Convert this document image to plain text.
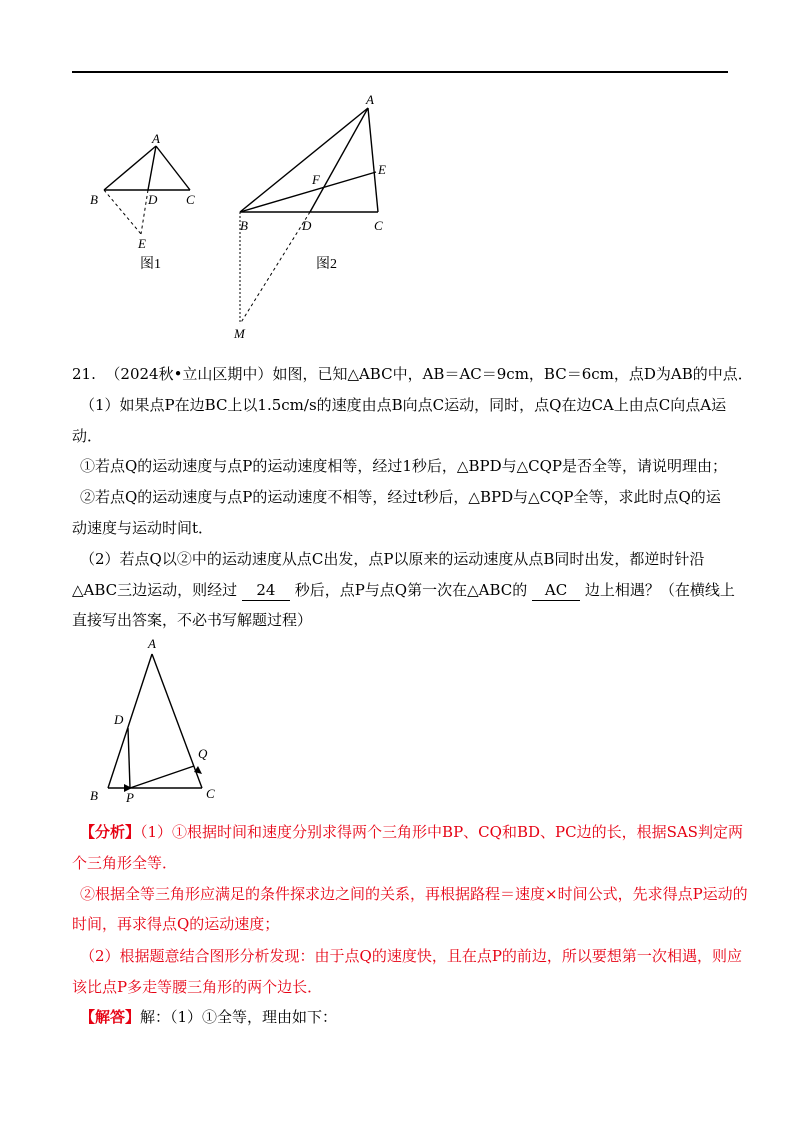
A
B	D C
E
图1
A
E
F
B	D	C
图2
M
21. （2024秋•立山区期中）如图，已知△ABC中，AB＝AC＝9cm，BC＝6cm，点D为AB的中点．
（1）如果点P在边BC上以1.5cm/s的速度由点B向点C运动，同时，点Q在边CA上由点C向点A运
动．
①若点Q的运动速度与点P的运动速度相等，经过1秒后，△BPD与△CQP是否全等，请说明理由；
②若点Q的运动速度与点P的运动速度不相等，经过t秒后，△BPD与△CQP全等，求此时点Q的运
动速度与运动时间t．
（2）若点Q以②中的运动速度从点C出发，点P以原来的运动速度从点B同时出发，都逆时针沿
△ABC三边运动，则经过 24 秒后，点P与点Q第一次在△ABC的 AC 边上相遇？（在横线上
直接写出答案，不必书写解题过程）
A
D
Q
B P	C
【分析】（1）①根据时间和速度分别求得两个三角形中BP、CQ和BD、PC边的长，根据SAS判定两
个三角形全等．
②根据全等三角形应满足的条件探求边之间的关系，再根据路程＝速度×时间公式，先求得点P运动的
时间，再求得点Q的运动速度；
（2）根据题意结合图形分析发现：由于点Q的速度快，且在点P的前边，所以要想第一次相遇，则应
该比点P多走等腰三角形的两个边长．
【解答】解：（1）①全等，理由如下：
